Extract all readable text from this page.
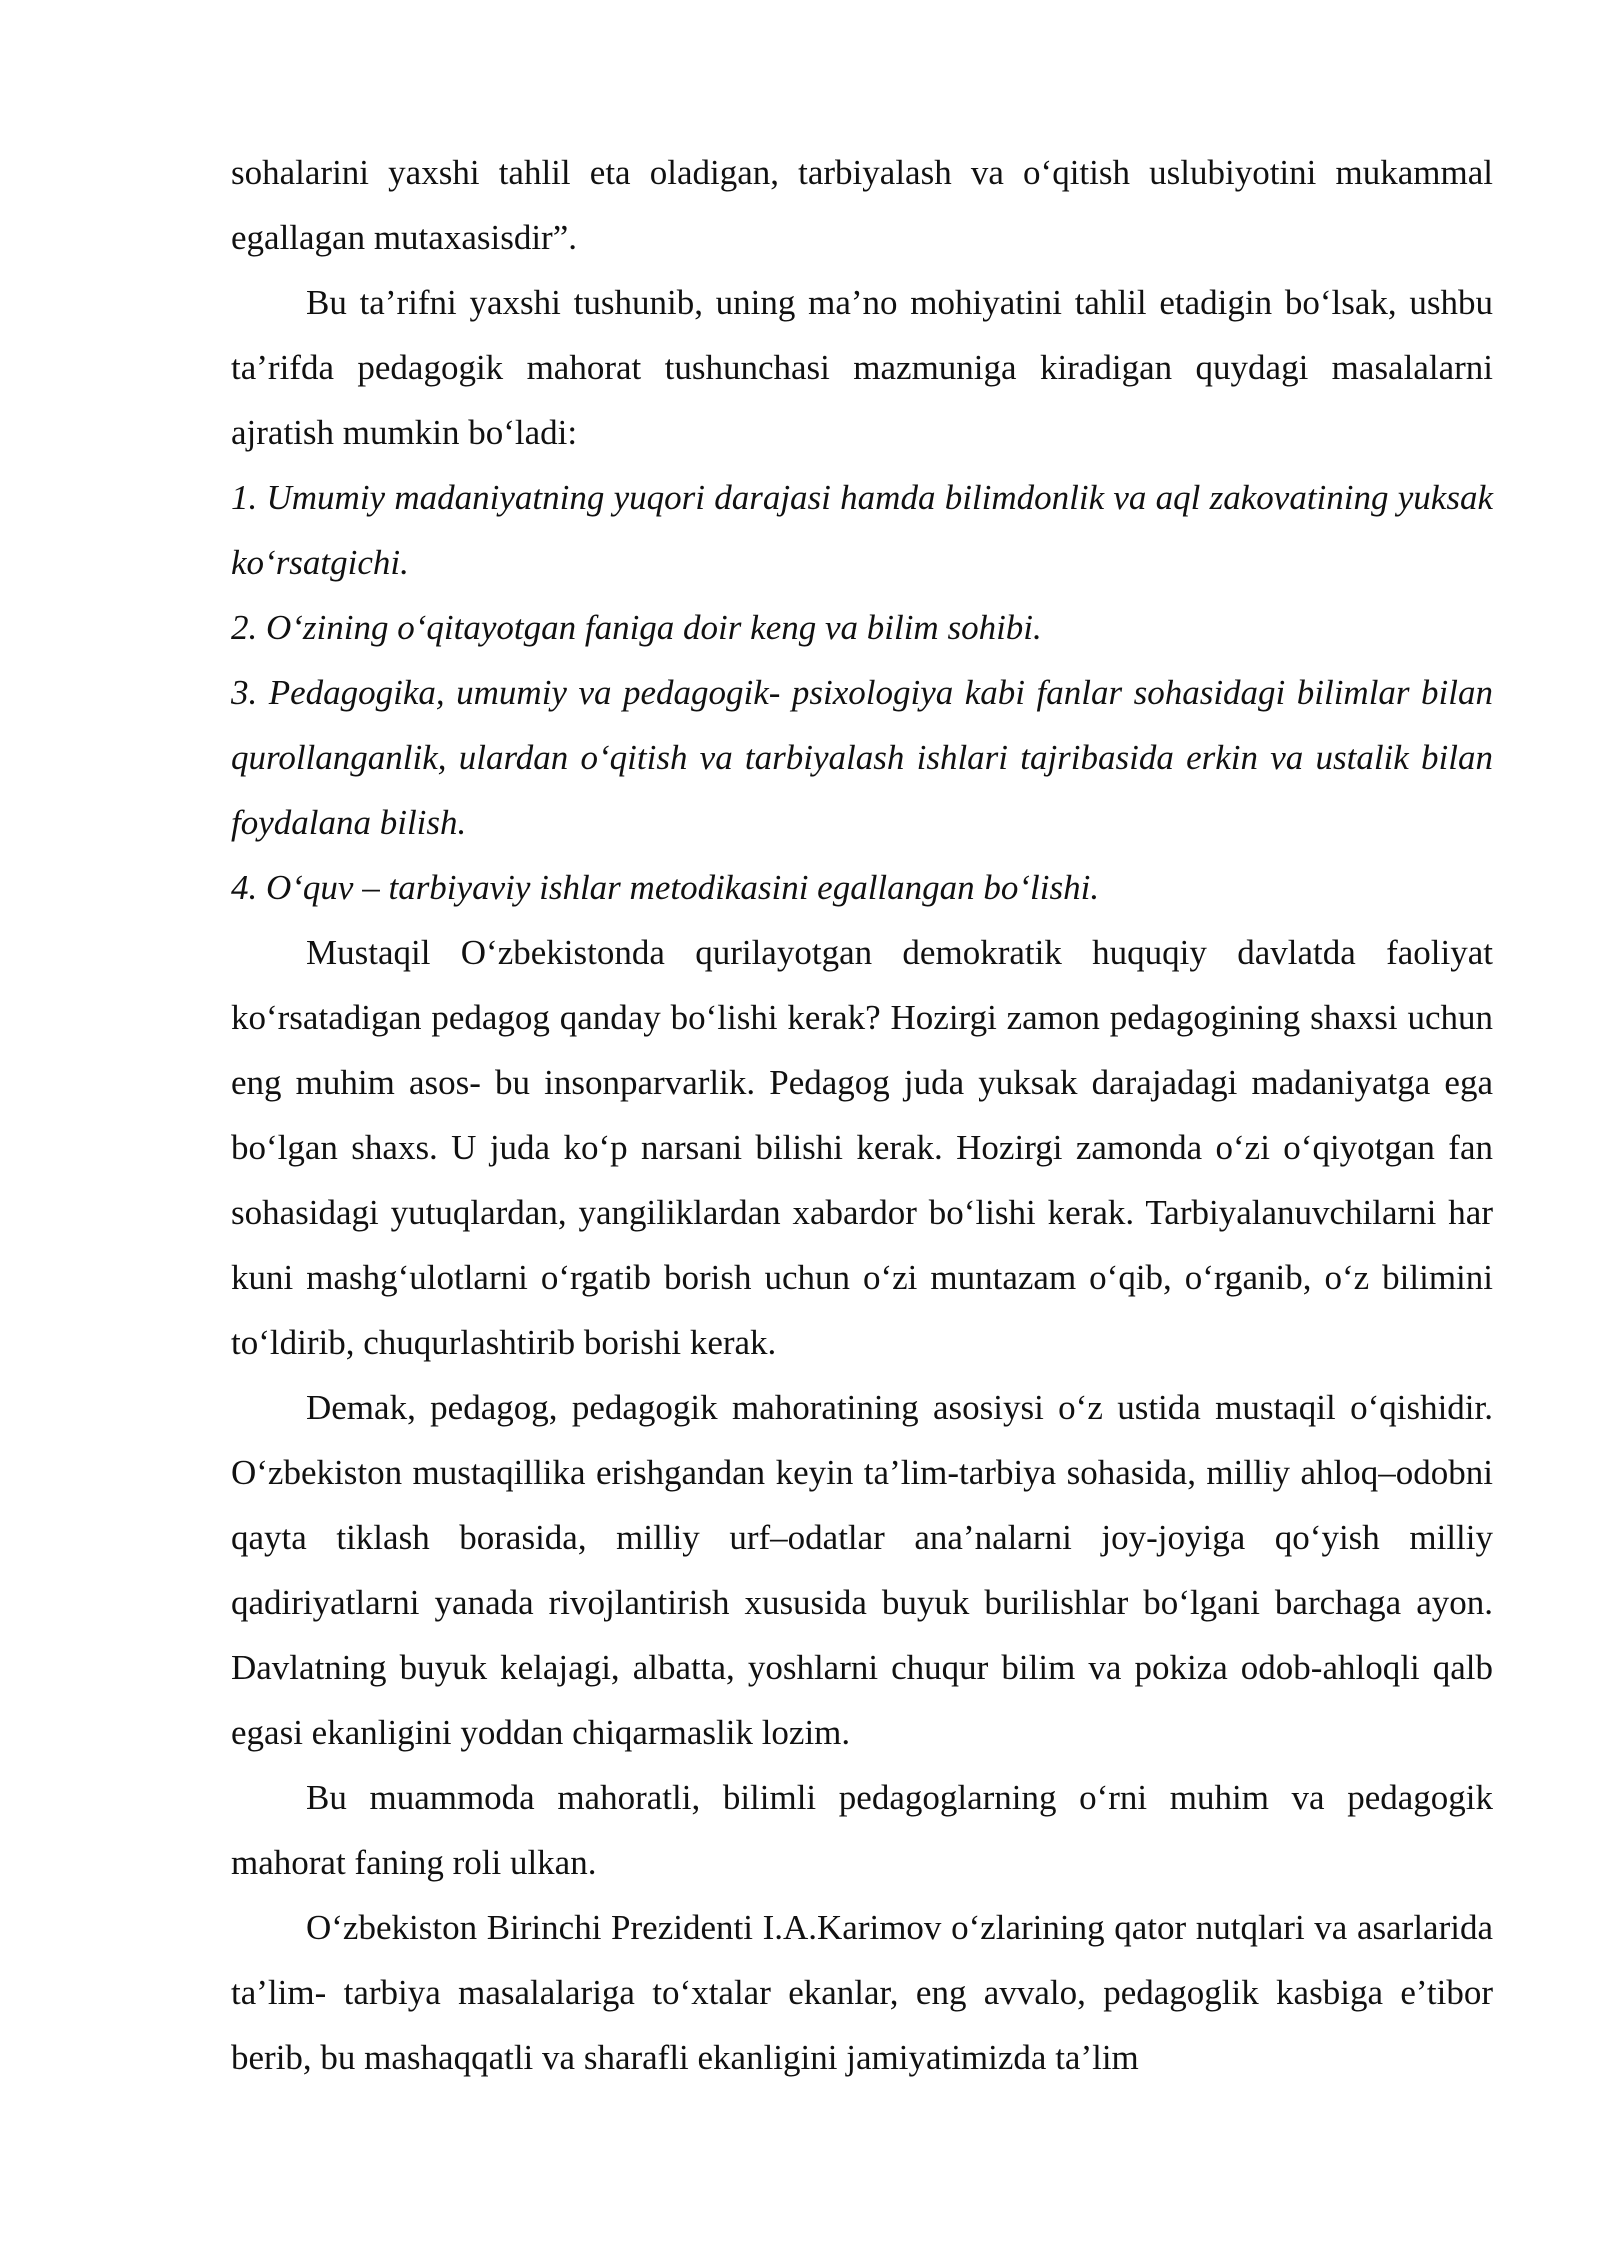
sohalarini yaxshi tahlil eta oladigan, tarbiyalash va o‘qitish uslubiyotini mukammal egallagan mutaxasisdir”.

Bu ta’rifni yaxshi tushunib, uning ma’no mohiyatini tahlil etadigin bo‘lsak, ushbu ta’rifda pedagogik mahorat tushunchasi mazmuniga kiradigan quydagi masalalarni ajratish mumkin bo‘ladi:

1. Umumiy madaniyatning yuqori darajasi hamda bilimdonlik va aql zakovatining yuksak ko‘rsatgichi.

2. O‘zining o‘qitayotgan faniga doir keng va bilim sohibi.

3. Pedagogika, umumiy va pedagogik- psixologiya kabi fanlar sohasidagi bilimlar bilan qurollanganlik, ulardan o‘qitish va tarbiyalash ishlari tajribasida erkin va ustalik bilan foydalana bilish.

4. O‘quv – tarbiyaviy ishlar metodikasini egallangan bo‘lishi.

Mustaqil O‘zbekistonda qurilayotgan demokratik huquqiy davlatda faoliyat ko‘rsatadigan pedagog qanday bo‘lishi kerak? Hozirgi zamon pedagogining shaxsi uchun eng muhim asos- bu insonparvarlik. Pedagog juda yuksak darajadagi madaniyatga ega bo‘lgan shaxs. U juda ko‘p narsani bilishi kerak. Hozirgi zamonda o‘zi o‘qiyotgan fan sohasidagi yutuqlardan, yangiliklardan xabardor bo‘lishi kerak. Tarbiyalanuvchilarni har kuni mashg‘ulotlarni o‘rgatib borish uchun o‘zi muntazam o‘qib, o‘rganib, o‘z bilimini to‘ldirib, chuqurlashtirib borishi kerak.

Demak, pedagog, pedagogik mahoratining asosiysi o‘z ustida mustaqil o‘qishidir. O‘zbekiston mustaqillika erishgandan keyin ta’lim-tarbiya sohasida, milliy ahloq–odobni qayta tiklash borasida, milliy urf–odatlar ana’nalarni joy-joyiga qo‘yish milliy qadiriyatlarni yanada rivojlantirish xususida buyuk burilishlar bo‘lgani barchaga ayon. Davlatning buyuk kelajagi, albatta, yoshlarni chuqur bilim va pokiza odob-ahloqli qalb egasi ekanligini yoddan chiqarmaslik lozim.

Bu muammoda mahoratli, bilimli pedagoglarning o‘rni muhim va pedagogik mahorat faning roli ulkan.

O‘zbekiston Birinchi Prezidenti I.A.Karimov o‘zlarining qator nutqlari va asarlarida ta’lim- tarbiya masalalariga to‘xtalar ekanlar, eng avvalo, pedagoglik kasbiga e’tibor berib, bu mashaqqatli va sharafli ekanligini jamiyatimizda ta’lim
